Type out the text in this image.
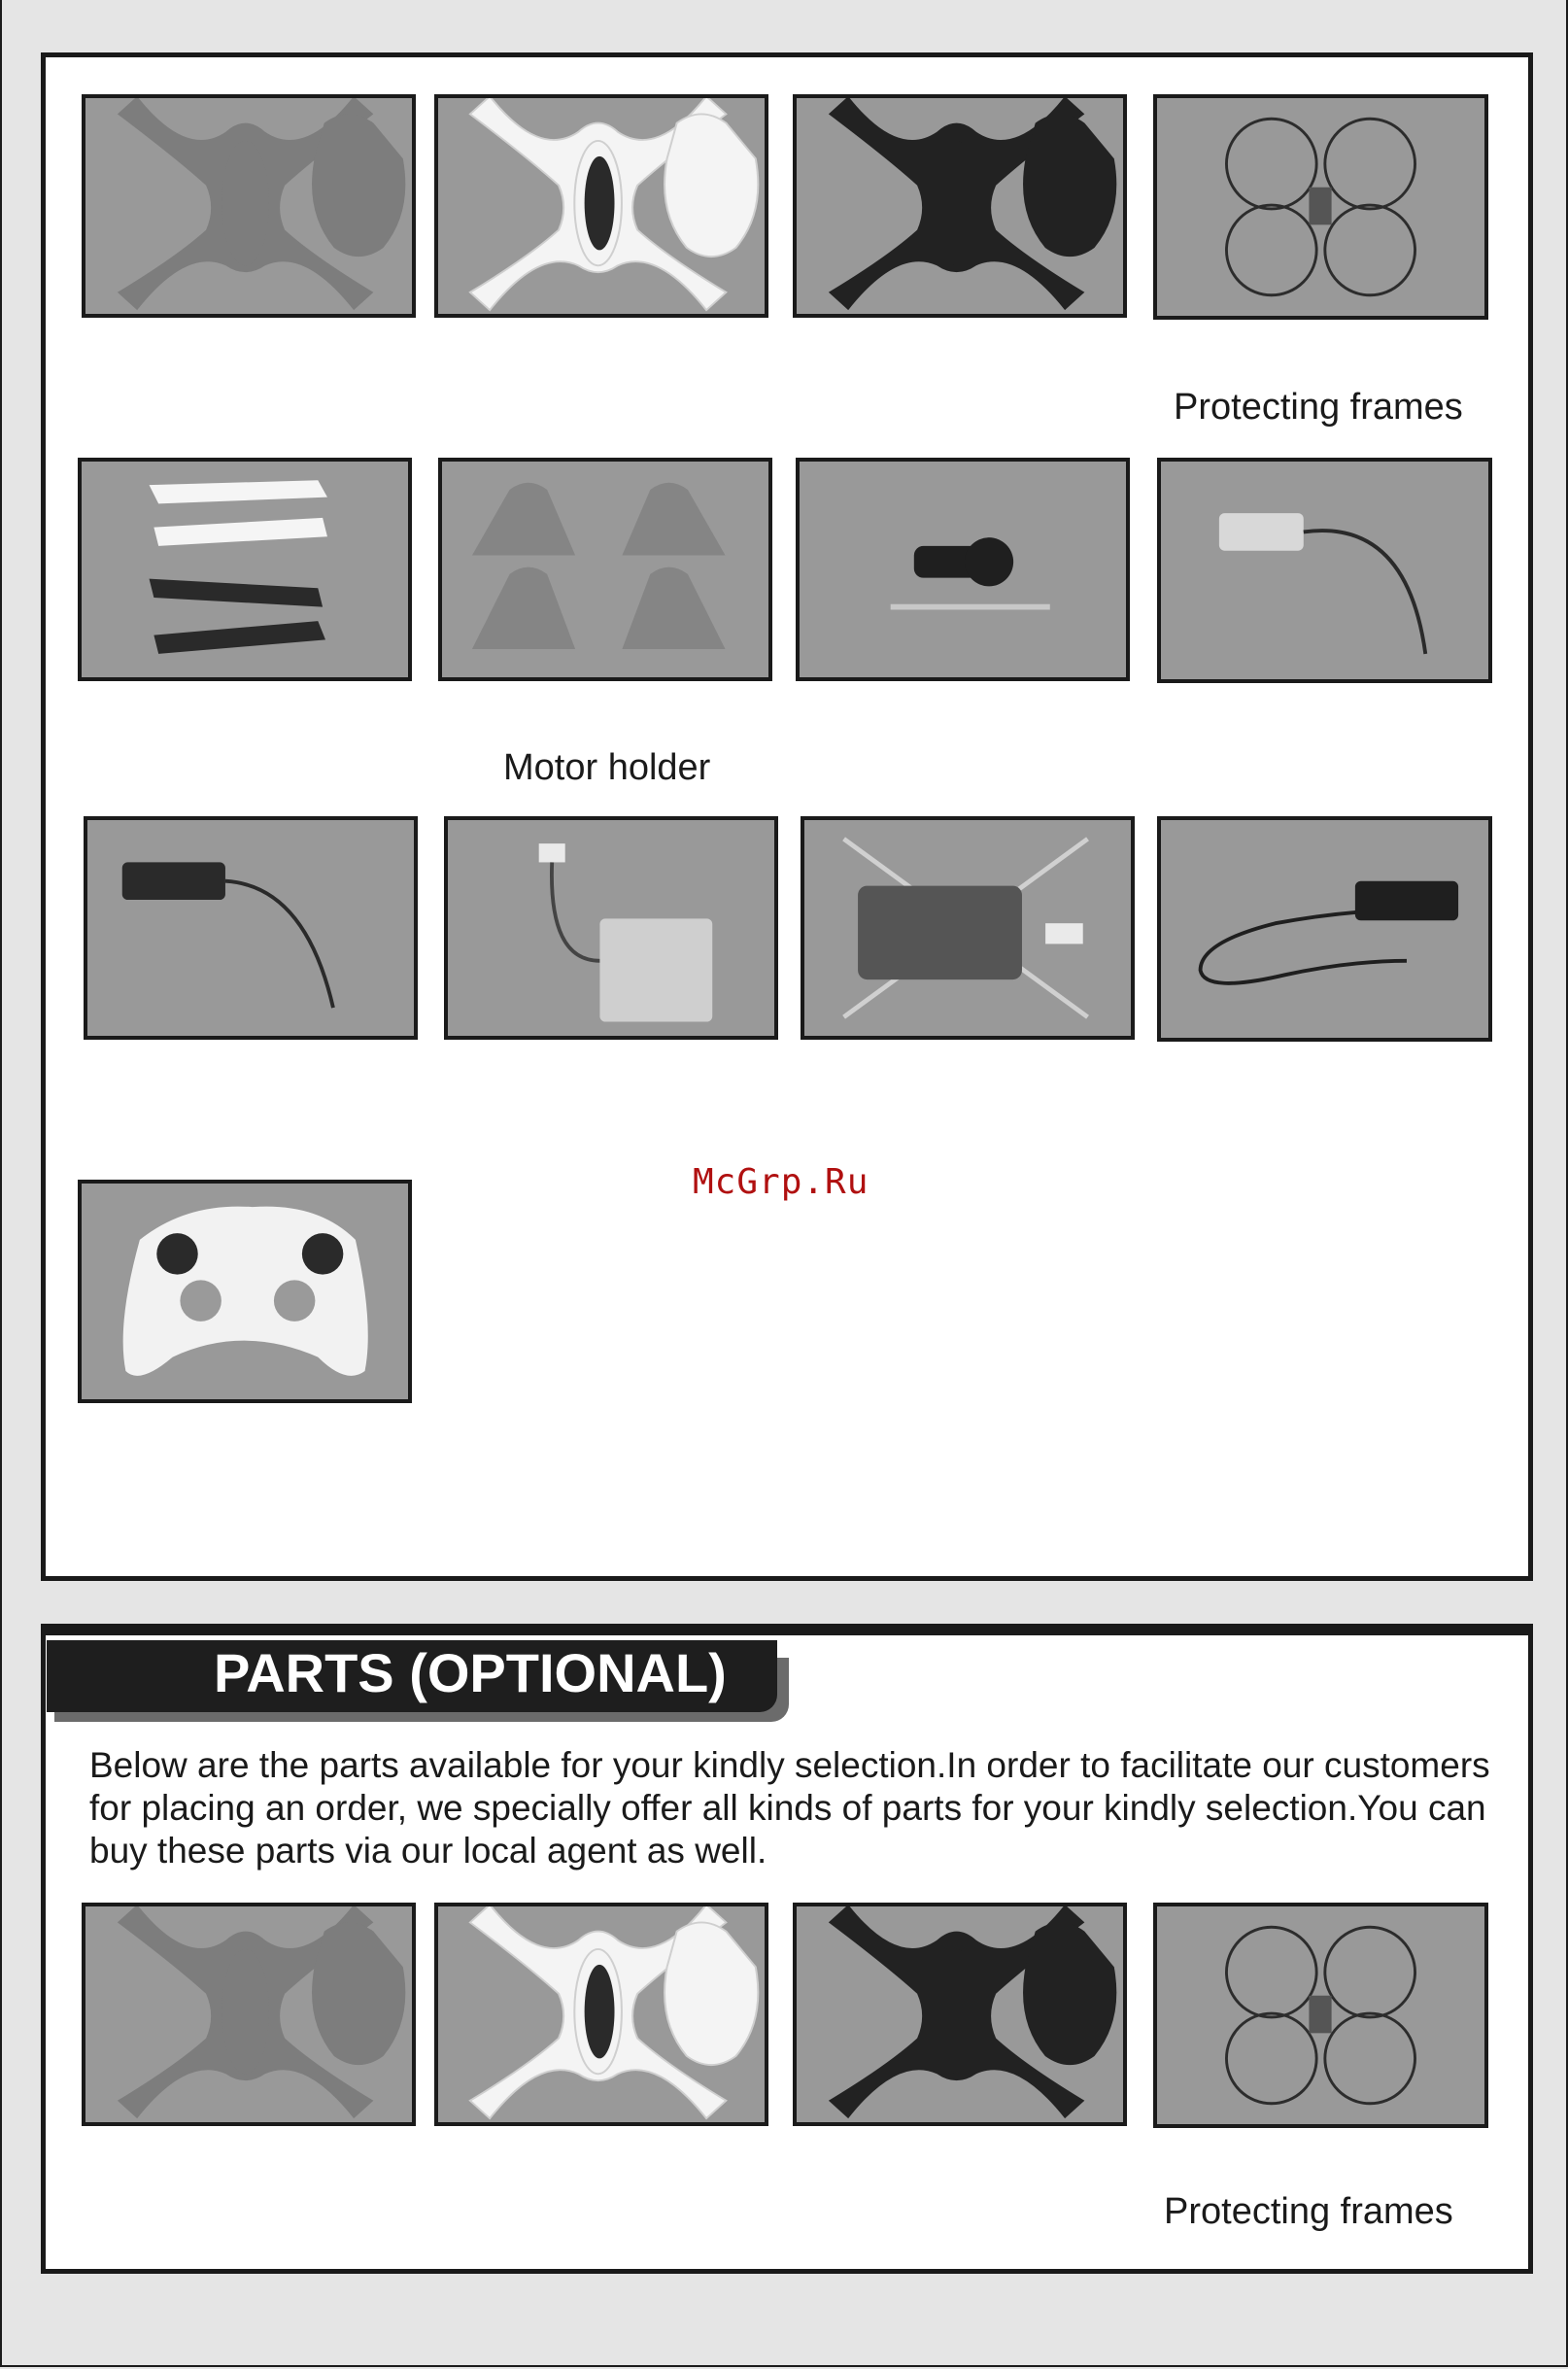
Protecting frames
Motor holder
McGrp.Ru
PARTS (OPTIONAL)
Below are the parts available for your kindly selection.In order to facilitate our customers for placing an order, we specially offer all kinds of parts for your kindly selection.You can buy these parts via our local agent as well.
Protecting frames
